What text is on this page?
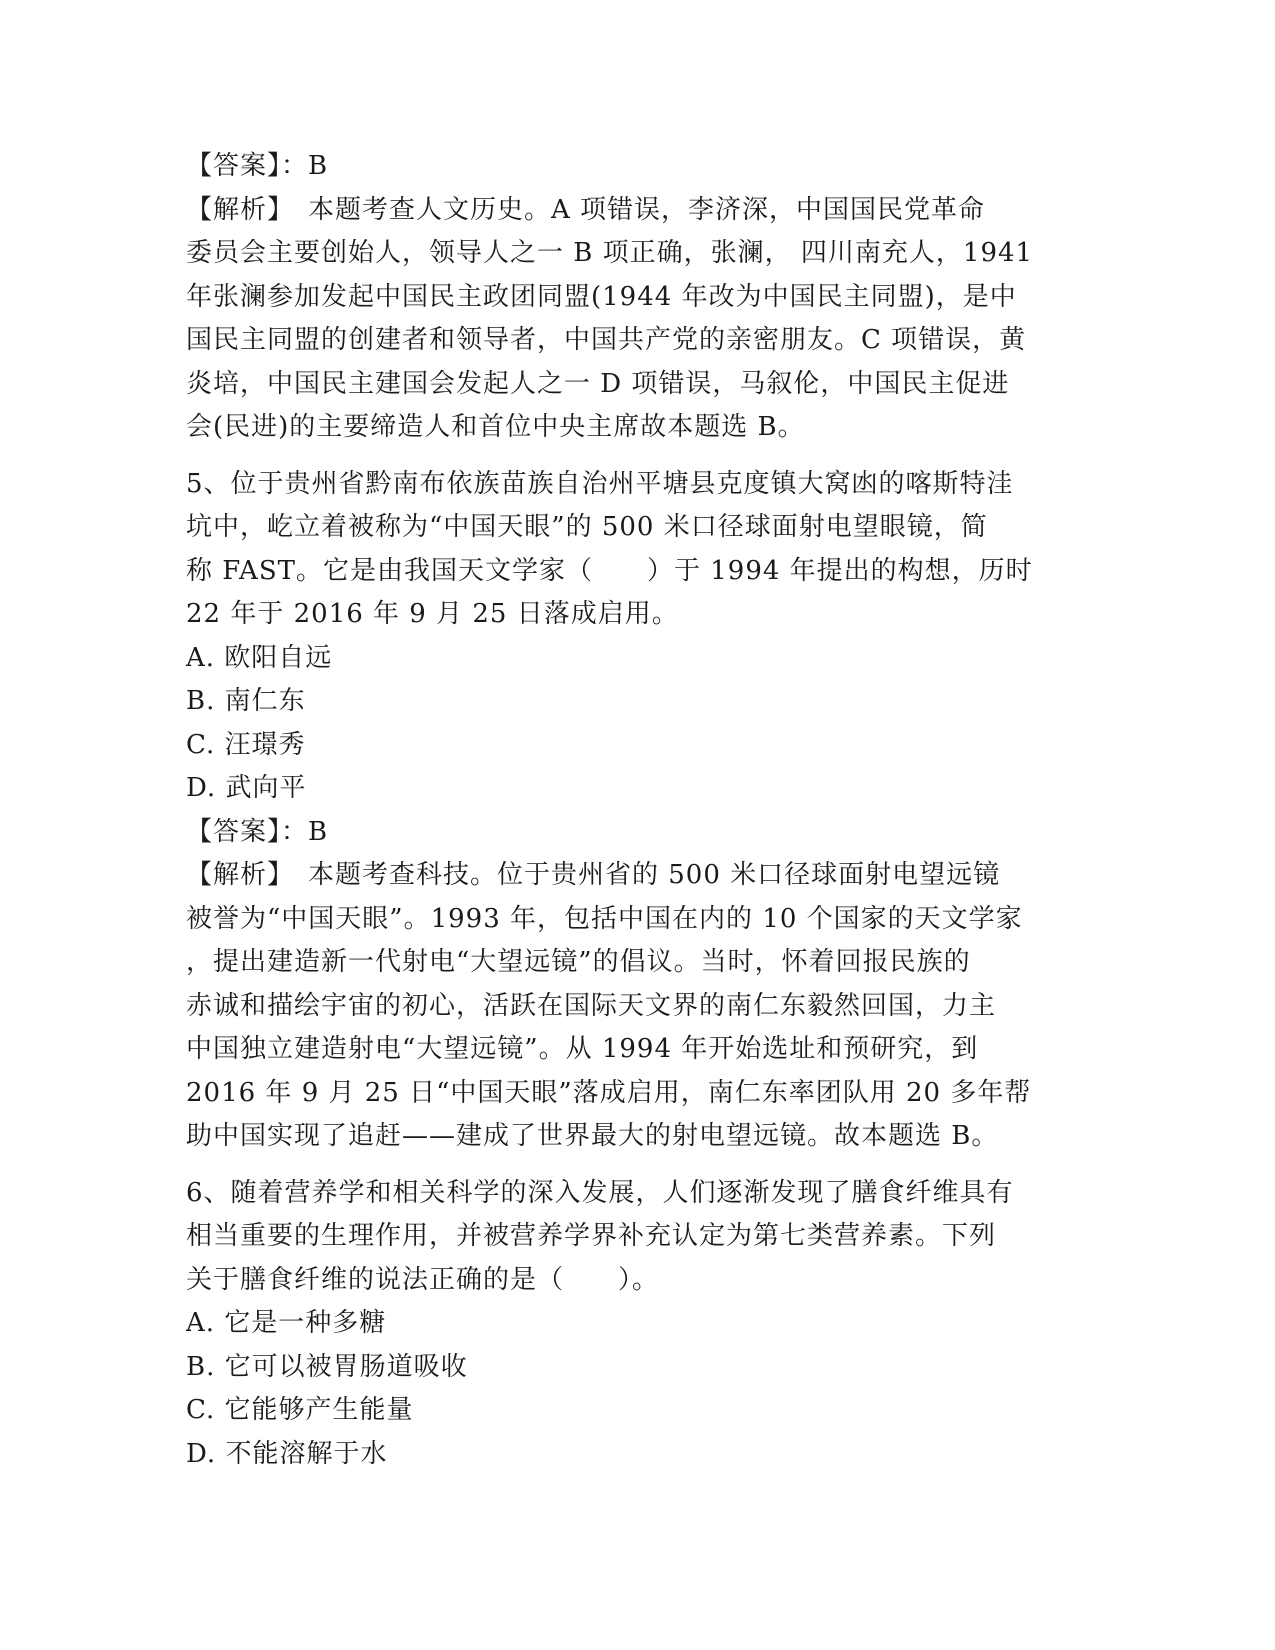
【答案】：B
【解析】　本题考查人文历史。A 项错误，李济深，中国国民党革命
委员会主要创始人，领导人之一 B 项正确，张澜， 四川南充人，1941
年张澜参加发起中国民主政团同盟(1944 年改为中国民主同盟)，是中
国民主同盟的创建者和领导者，中国共产党的亲密朋友。C 项错误，黄
炎培，中国民主建国会发起人之一 D 项错误，马叙伦，中国民主促进
会(民进)的主要缔造人和首位中央主席故本题选 B。
5、位于贵州省黔南布依族苗族自治州平塘县克度镇大窝凼的喀斯特洼
坑中，屹立着被称为“中国天眼”的 500 米口径球面射电望眼镜，简
称 FAST。它是由我国天文学家（　　）于 1994 年提出的构想，历时
22 年于 2016 年 9 月 25 日落成启用。
A. 欧阳自远
B. 南仁东
C. 汪璟秀
D. 武向平
【答案】：B
【解析】　本题考查科技。位于贵州省的 500 米口径球面射电望远镜
被誉为“中国天眼”。1993 年，包括中国在内的 10 个国家的天文学家
，提出建造新一代射电“大望远镜”的倡议。当时，怀着回报民族的
赤诚和描绘宇宙的初心，活跃在国际天文界的南仁东毅然回国，力主
中国独立建造射电“大望远镜”。从 1994 年开始选址和预研究，到
2016 年 9 月 25 日“中国天眼”落成启用，南仁东率团队用 20 多年帮
助中国实现了追赶——建成了世界最大的射电望远镜。故本题选 B。
6、随着营养学和相关科学的深入发展，人们逐渐发现了膳食纤维具有
相当重要的生理作用，并被营养学界补充认定为第七类营养素。下列
关于膳食纤维的说法正确的是（　　）。
A. 它是一种多糖
B. 它可以被胃肠道吸收
C. 它能够产生能量
D. 不能溶解于水
